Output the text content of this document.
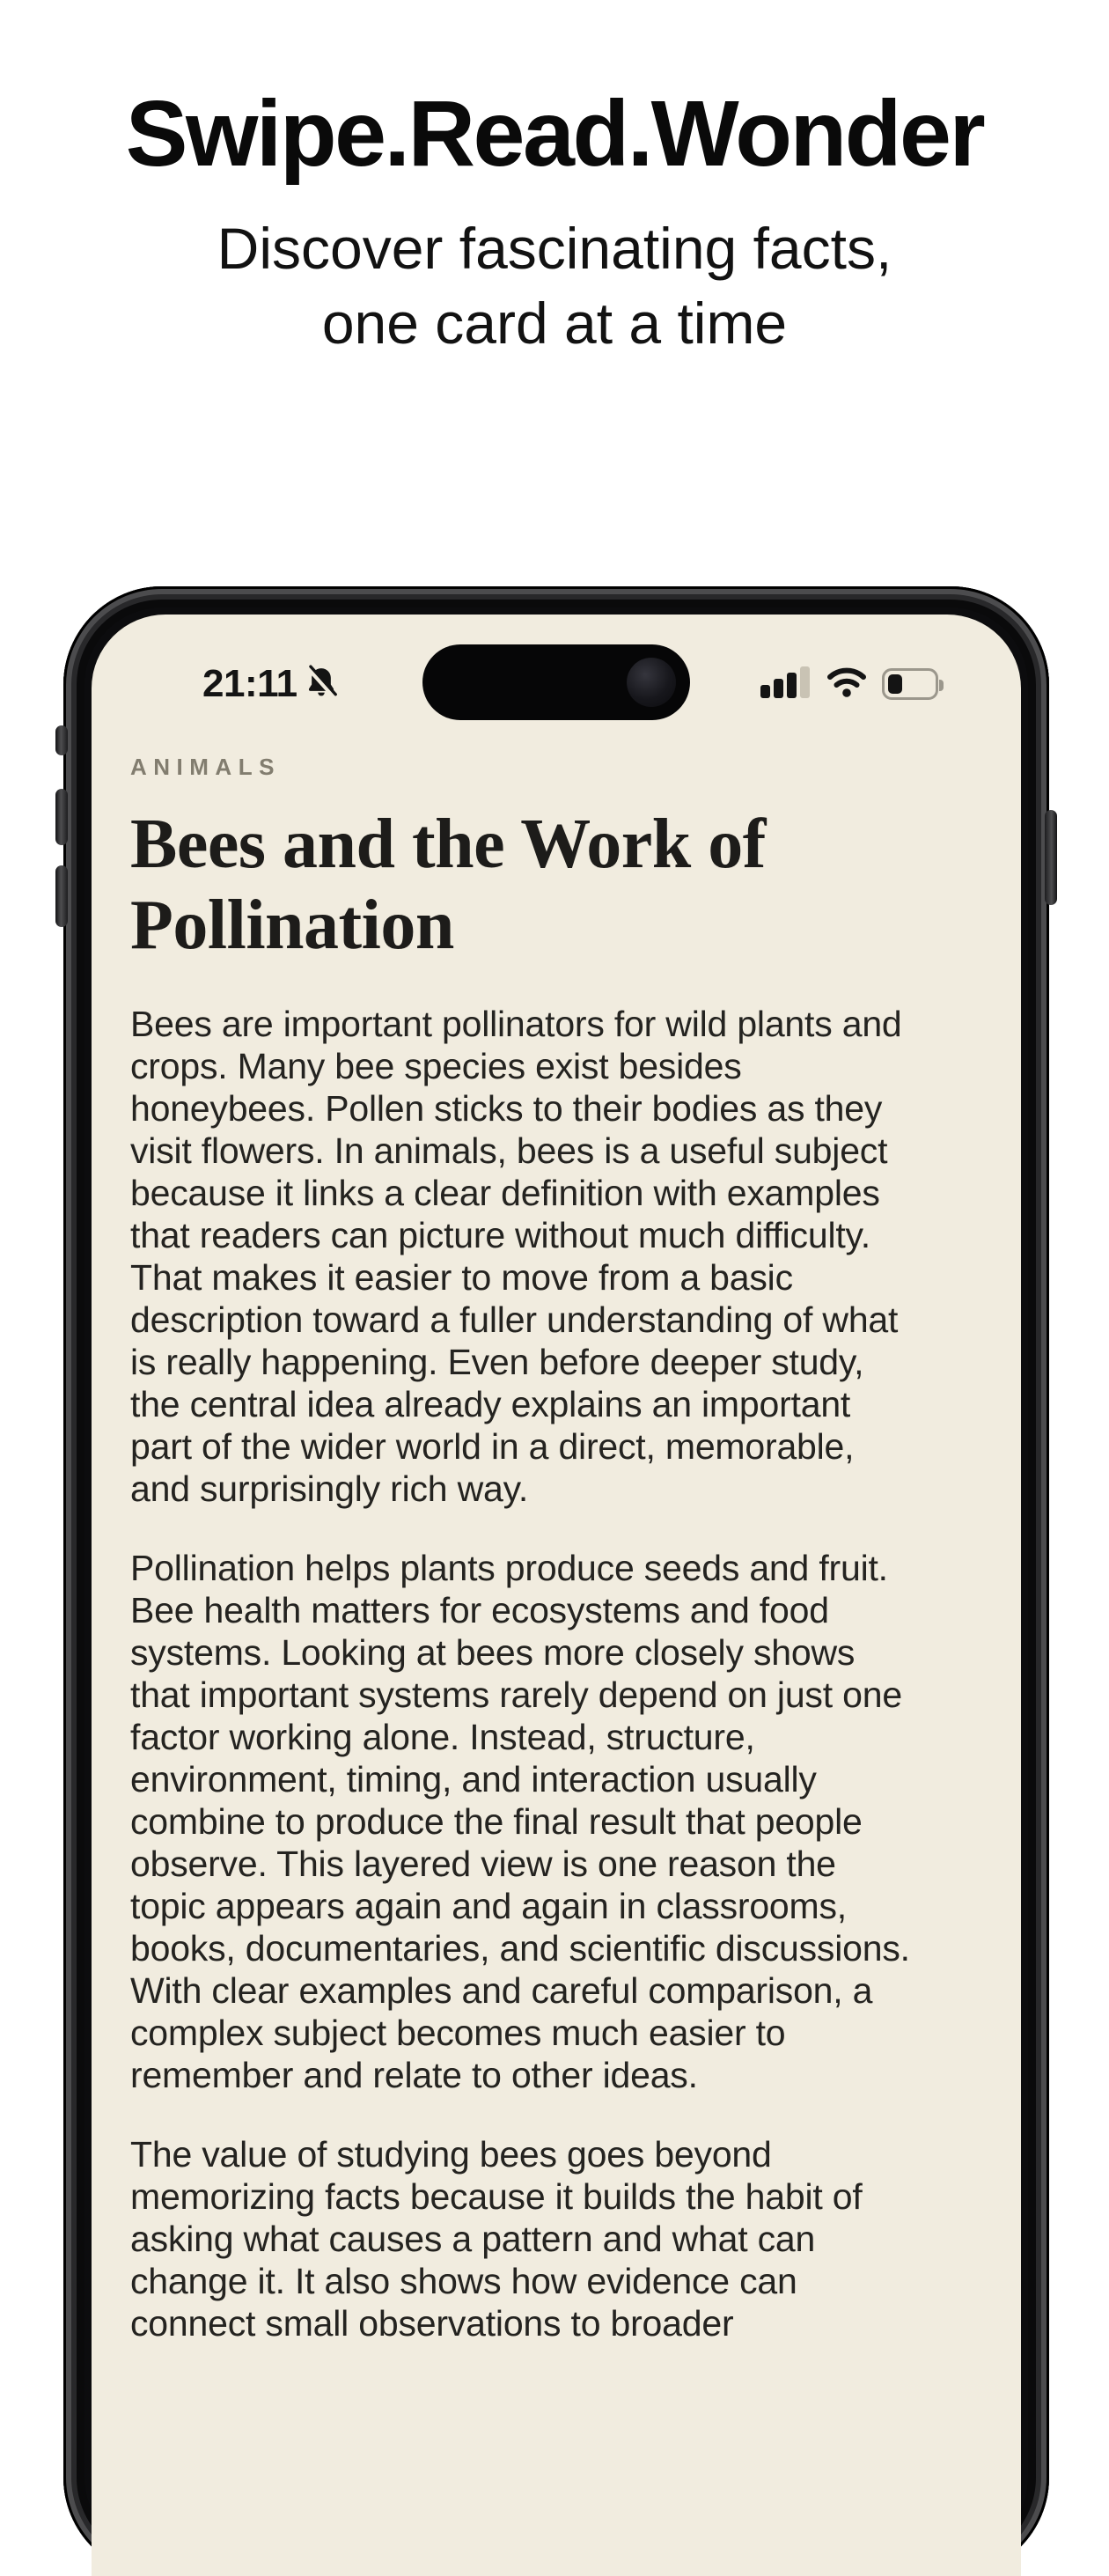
Swipe.Read.Wonder

Discover fascinating facts, one card at a time

21:11
ANIMALS
Bees and the Work of Pollination

Bees are important pollinators for wild plants and crops. Many bee species exist besides honeybees. Pollen sticks to their bodies as they visit flowers. In animals, bees is a useful subject because it links a clear definition with examples that readers can picture without much difficulty. That makes it easier to move from a basic description toward a fuller understanding of what is really happening. Even before deeper study, the central idea already explains an important part of the wider world in a direct, memorable, and surprisingly rich way.

Pollination helps plants produce seeds and fruit. Bee health matters for ecosystems and food systems. Looking at bees more closely shows that important systems rarely depend on just one factor working alone. Instead, structure, environment, timing, and interaction usually combine to produce the final result that people observe. This layered view is one reason the topic appears again and again in classrooms, books, documentaries, and scientific discussions. With clear examples and careful comparison, a complex subject becomes much easier to remember and relate to other ideas.

The value of studying bees goes beyond memorizing facts because it builds the habit of asking what causes a pattern and what can change it. It also shows how evidence can connect small observations to broader
